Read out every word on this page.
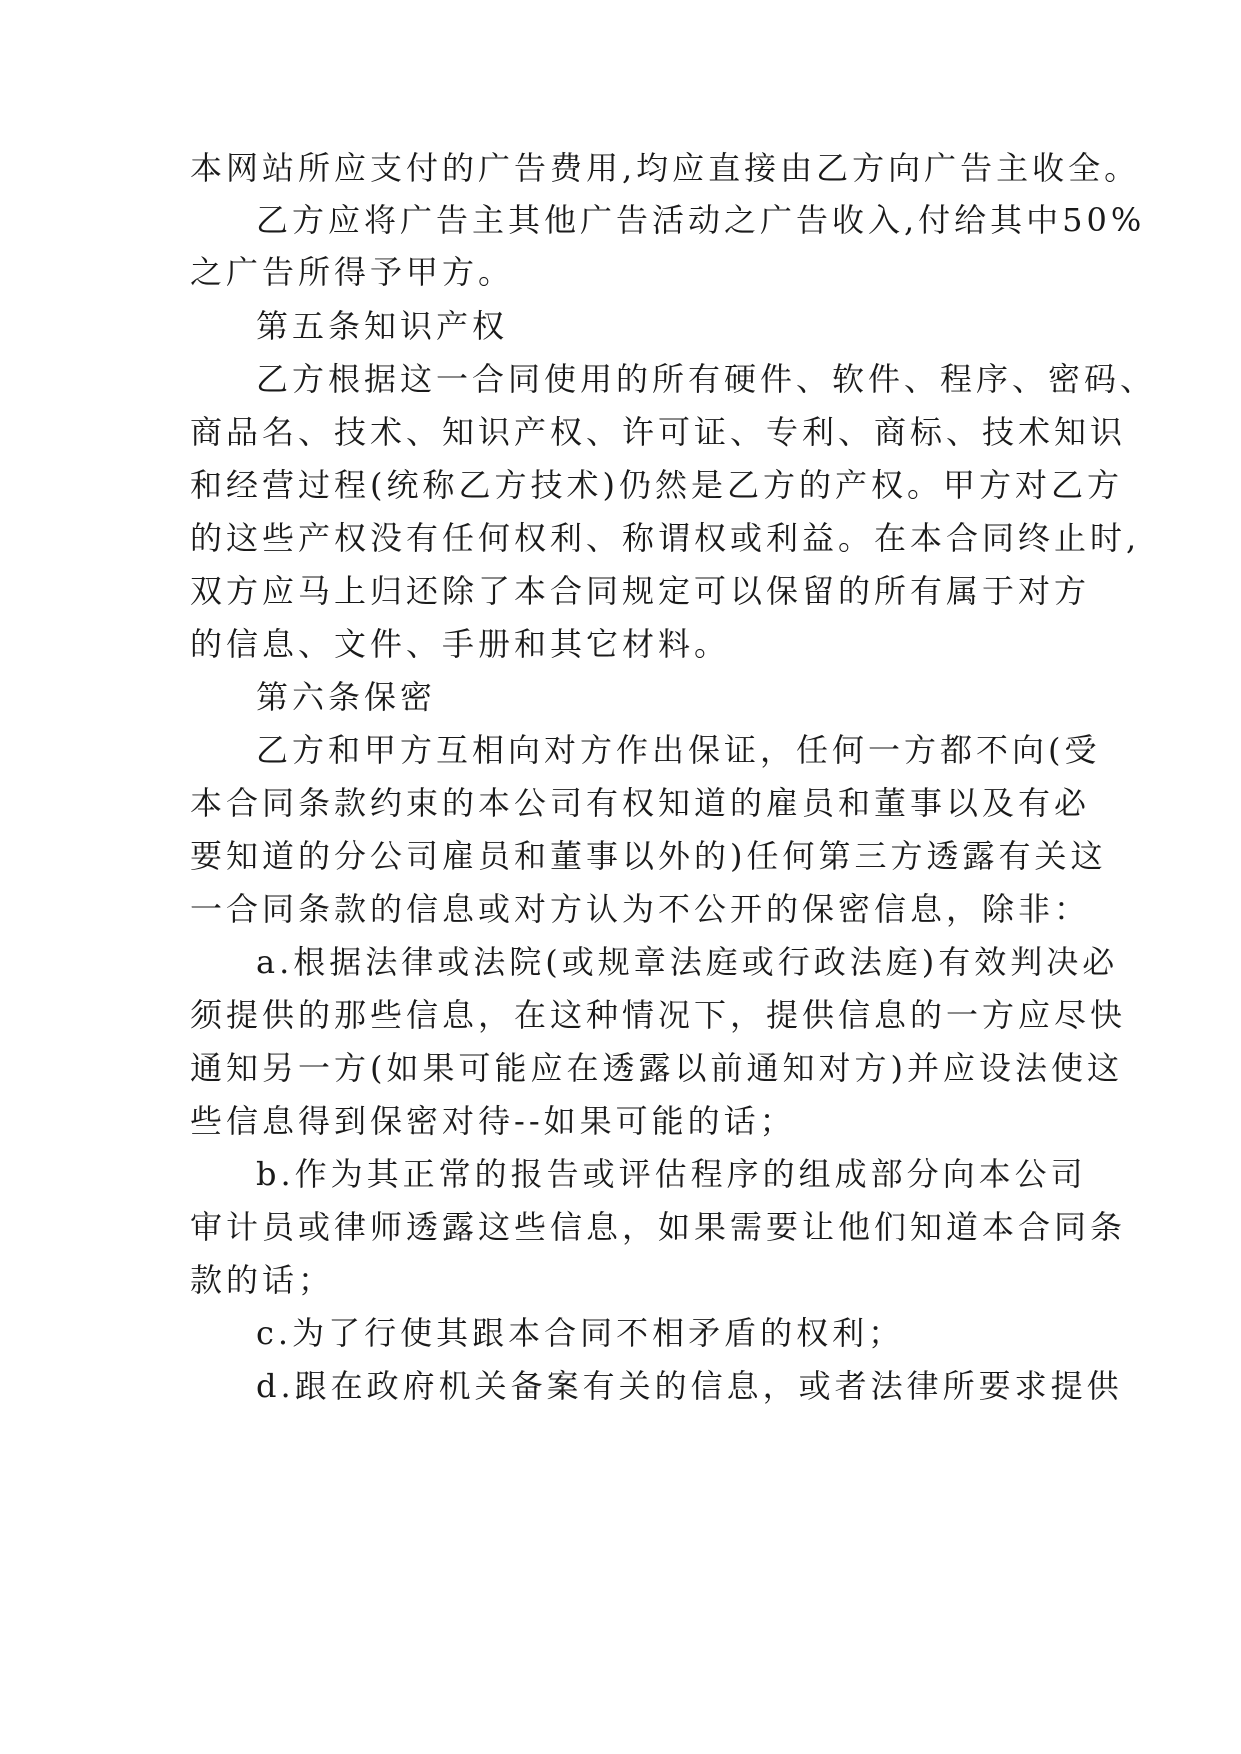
本网站所应支付的广告费用,均应直接由乙方向广告主收全。

乙方应将广告主其他广告活动之广告收入,付给其中50%

之广告所得予甲方。

第五条知识产权

乙方根据这一合同使用的所有硬件、软件、程序、密码、

商品名、技术、知识产权、许可证、专利、商标、技术知识

和经营过程(统称乙方技术)仍然是乙方的产权。甲方对乙方

的这些产权没有任何权利、称谓权或利益。在本合同终止时,

双方应马上归还除了本合同规定可以保留的所有属于对方

的信息、文件、手册和其它材料。

第六条保密

乙方和甲方互相向对方作出保证，任何一方都不向(受

本合同条款约束的本公司有权知道的雇员和董事以及有必

要知道的分公司雇员和董事以外的)任何第三方透露有关这

一合同条款的信息或对方认为不公开的保密信息，除非：

a.根据法律或法院(或规章法庭或行政法庭)有效判决必

须提供的那些信息，在这种情况下，提供信息的一方应尽快

通知另一方(如果可能应在透露以前通知对方)并应设法使这

些信息得到保密对待--如果可能的话；

b.作为其正常的报告或评估程序的组成部分向本公司

审计员或律师透露这些信息，如果需要让他们知道本合同条

款的话；

c.为了行使其跟本合同不相矛盾的权利；

d.跟在政府机关备案有关的信息，或者法律所要求提供
